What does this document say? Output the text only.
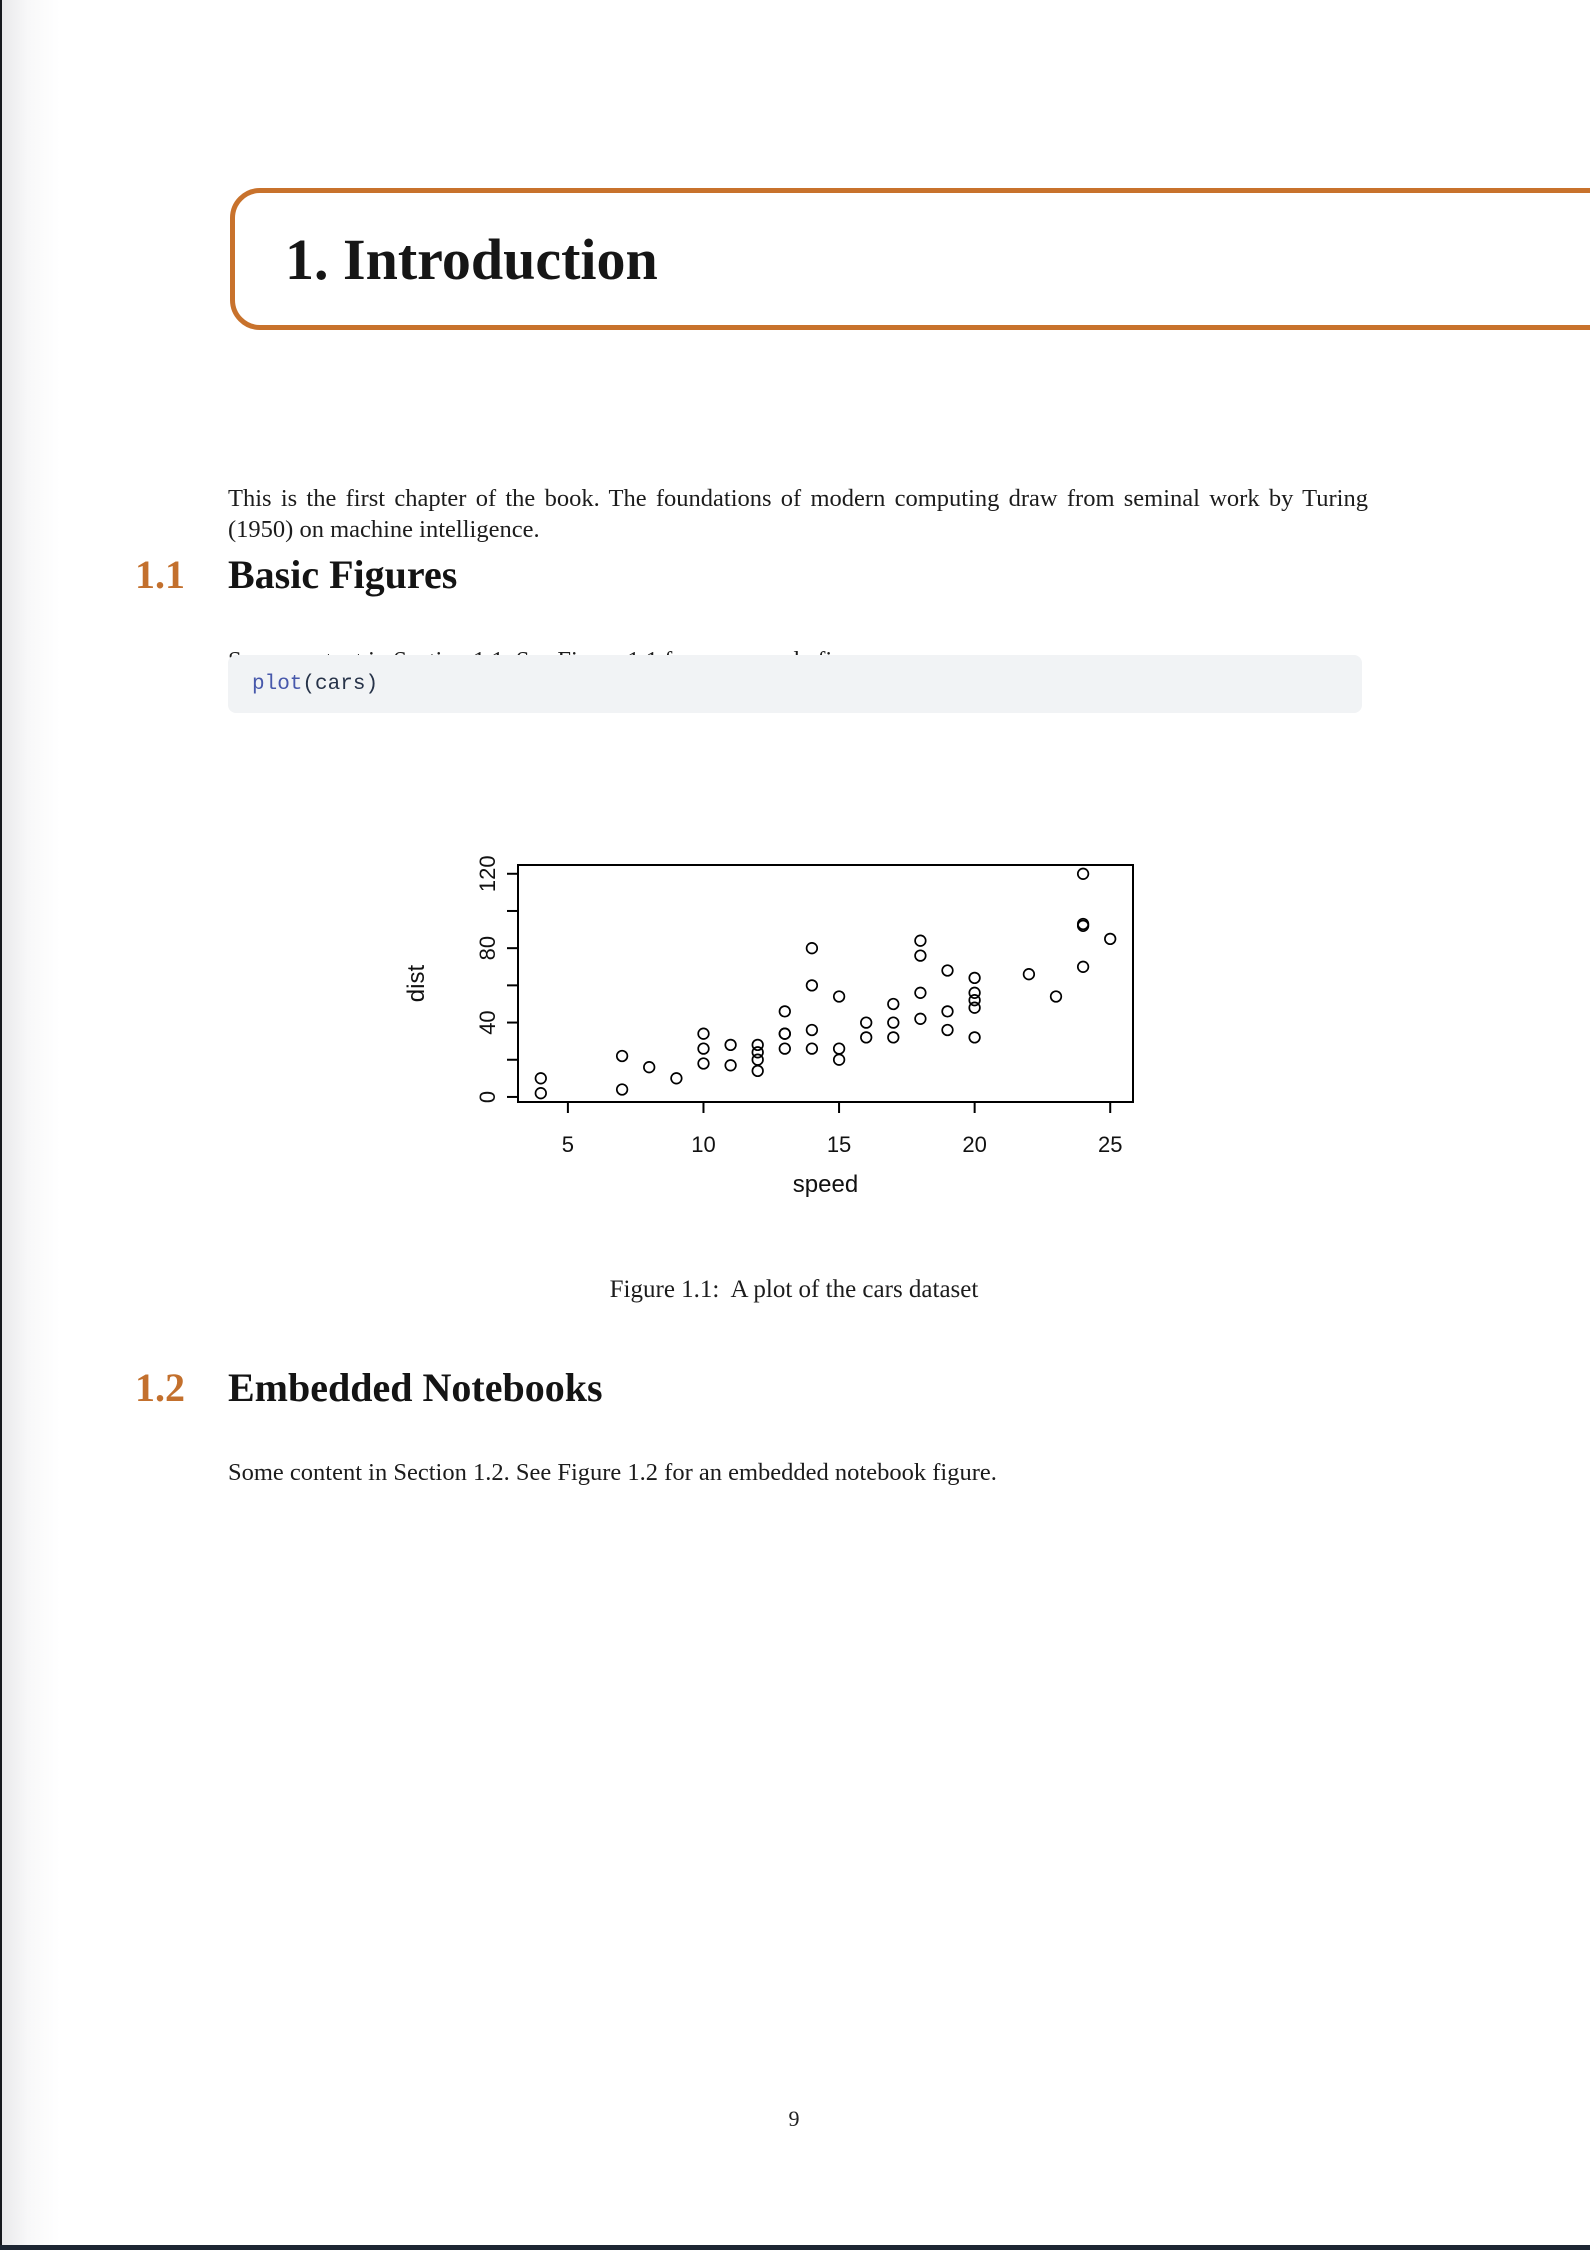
1. Introduction

This is the first chapter of the book. The foundations of modern computing draw from seminal work by Turing (1950) on machine intelligence.

1.1 Basic Figures

plot ( cars )
5	10	15	20	25
0
40
80
120
speed
dist
Figure 1.1:  A plot of the cars dataset
1.2 Embedded Notebooks

Some content in Section 1.2. See Figure 1.2 for an embedded notebook figure.

9
